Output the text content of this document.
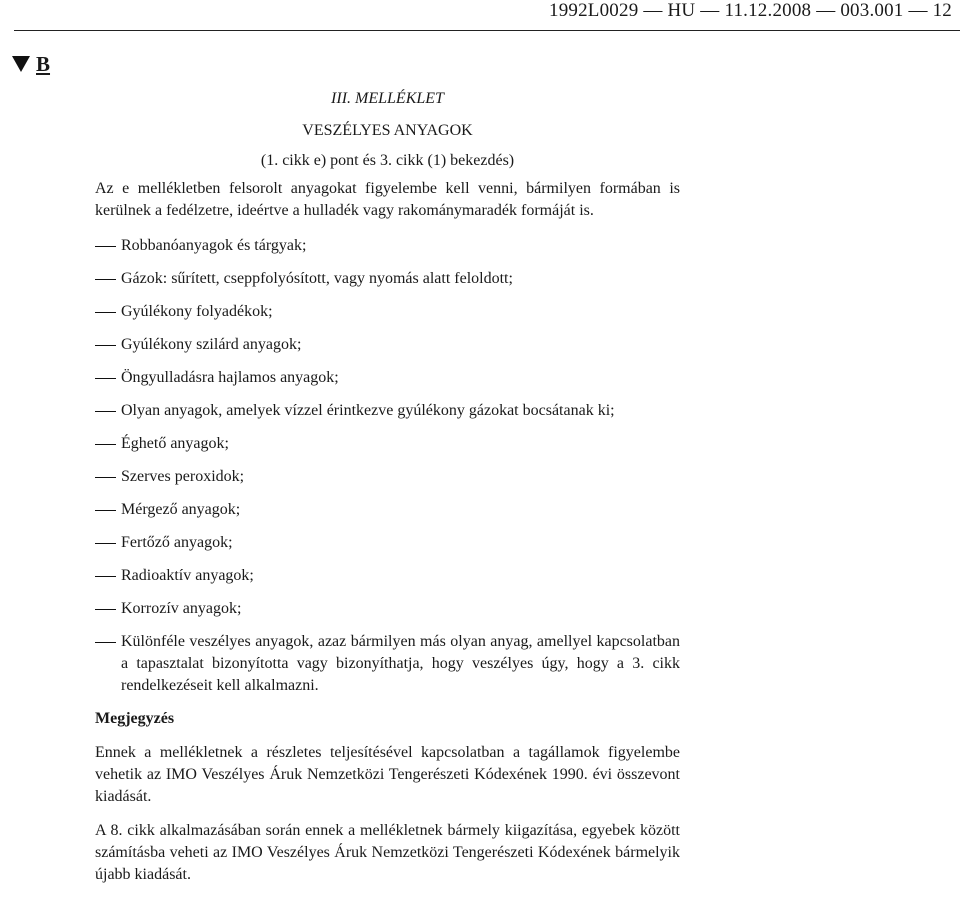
1992L0029 — HU — 11.12.2008 — 003.001 — 12
B
III. MELLÉKLET
VESZÉLYES ANYAGOK
(1. cikk e) pont és 3. cikk (1) bekezdés)

Az e mellékletben felsorolt anyagokat figyelembe kell venni, bármilyen formában is kerülnek a fedélzetre, ideértve a hulladék vagy rakománymaradék formáját is.

Robbanóanyagok és tárgyak;
Gázok: sűrített, cseppfolyósított, vagy nyomás alatt feloldott;
Gyúlékony folyadékok;
Gyúlékony szilárd anyagok;
Öngyulladásra hajlamos anyagok;
Olyan anyagok, amelyek vízzel érintkezve gyúlékony gázokat bocsátanak ki;
Éghető anyagok;
Szerves peroxidok;
Mérgező anyagok;
Fertőző anyagok;
Radioaktív anyagok;
Korrozív anyagok;
Különféle veszélyes anyagok, azaz bármilyen más olyan anyag, amellyel kapcsolatban a tapasztalat bizonyította vagy bizonyíthatja, hogy veszélyes úgy, hogy a 3. cikk rendelkezéseit kell alkalmazni.
Megjegyzés

Ennek a mellékletnek a részletes teljesítésével kapcsolatban a tagállamok figyelembe vehetik az IMO Veszélyes Áruk Nemzetközi Tengerészeti Kódexének 1990. évi összevont kiadását.

A 8. cikk alkalmazásában során ennek a mellékletnek bármely kiigazítása, egyebek között számításba veheti az IMO Veszélyes Áruk Nemzetközi Tengerészeti Kódexének bármelyik újabb kiadását.
